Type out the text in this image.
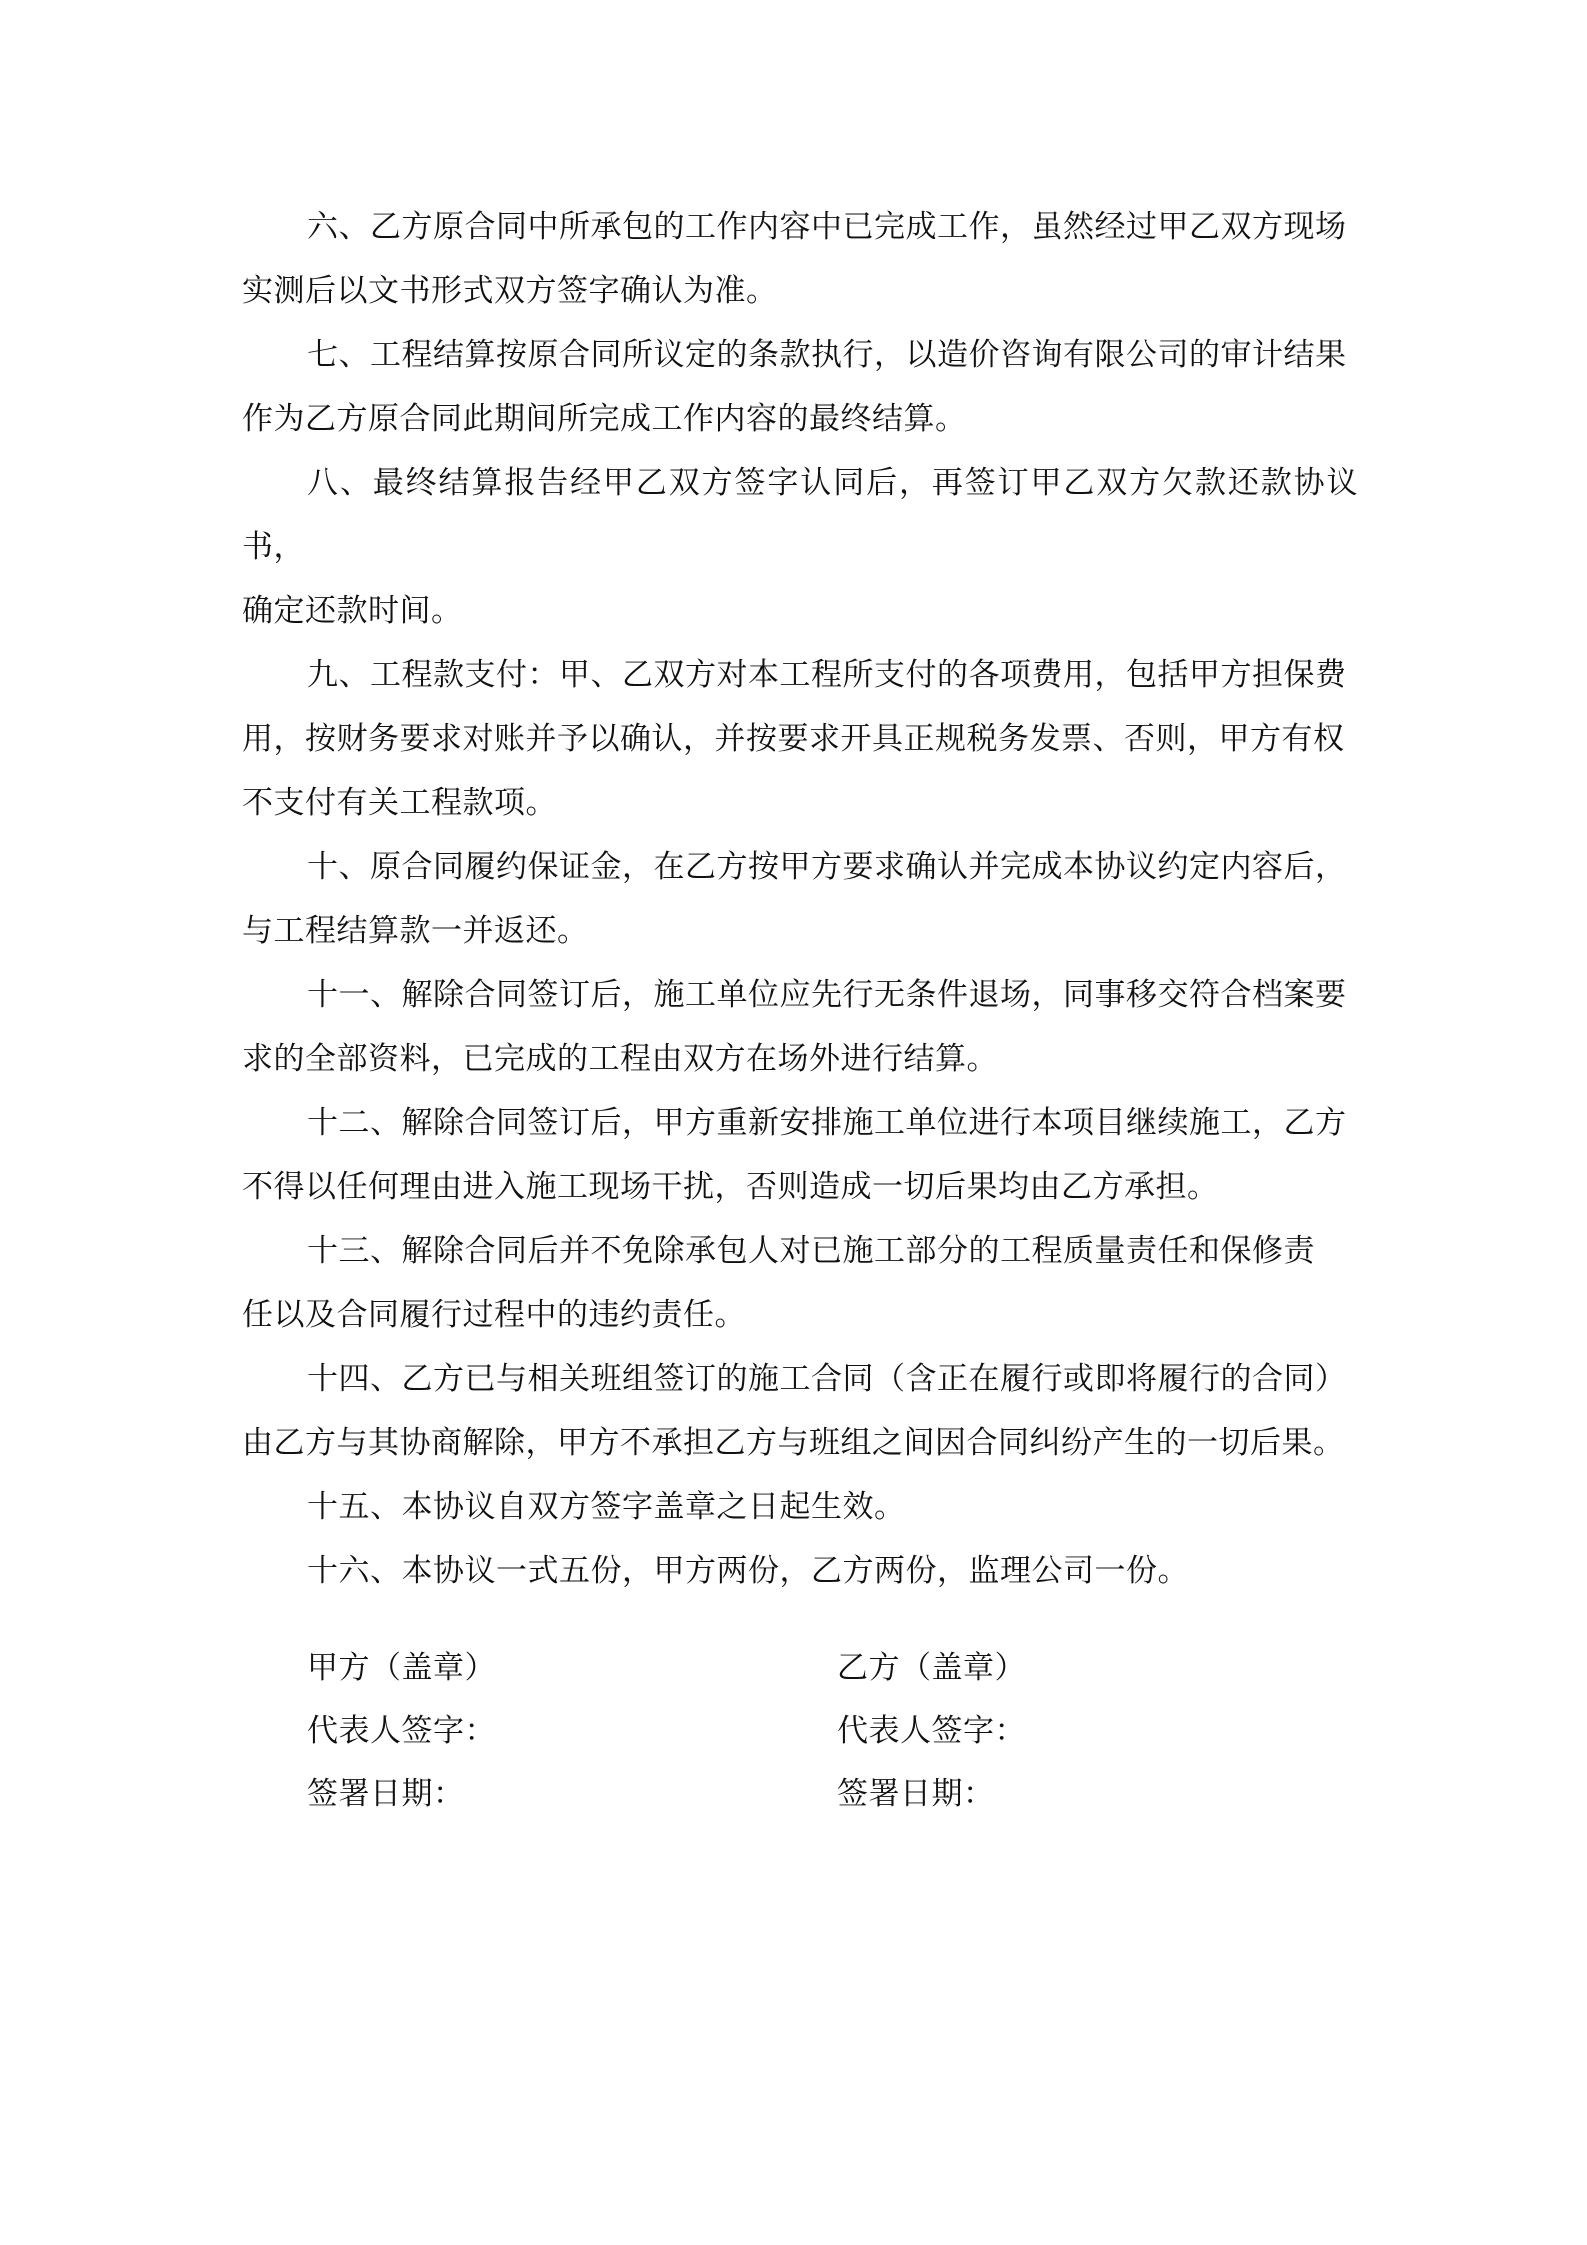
六、乙方原合同中所承包的工作内容中已完成工作，虽然经过甲乙双方现场
实测后以文书形式双方签字确认为准。

七、工程结算按原合同所议定的条款执行，以造价咨询有限公司的审计结果
作为乙方原合同此期间所完成工作内容的最终结算。

八、最终结算报告经甲乙双方签字认同后，再签订甲乙双方欠款还款协议书，
确定还款时间。

九、工程款支付：甲、乙双方对本工程所支付的各项费用，包括甲方担保费
用，按财务要求对账并予以确认，并按要求开具正规税务发票、否则，甲方有权
不支付有关工程款项。

十、原合同履约保证金，在乙方按甲方要求确认并完成本协议约定内容后，
与工程结算款一并返还。

十一、解除合同签订后，施工单位应先行无条件退场，同事移交符合档案要
求的全部资料，已完成的工程由双方在场外进行结算。

十二、解除合同签订后，甲方重新安排施工单位进行本项目继续施工，乙方
不得以任何理由进入施工现场干扰，否则造成一切后果均由乙方承担。

十三、解除合同后并不免除承包人对已施工部分的工程质量责任和保修责
任以及合同履行过程中的违约责任。

十四、乙方已与相关班组签订的施工合同（含正在履行或即将履行的合同）
由乙方与其协商解除，甲方不承担乙方与班组之间因合同纠纷产生的一切后果。

十五、本协议自双方签字盖章之日起生效。

十六、本协议一式五份，甲方两份，乙方两份，监理公司一份。

甲方（盖章）

代表人签字：

签署日期：

乙方（盖章）

代表人签字：

签署日期：
